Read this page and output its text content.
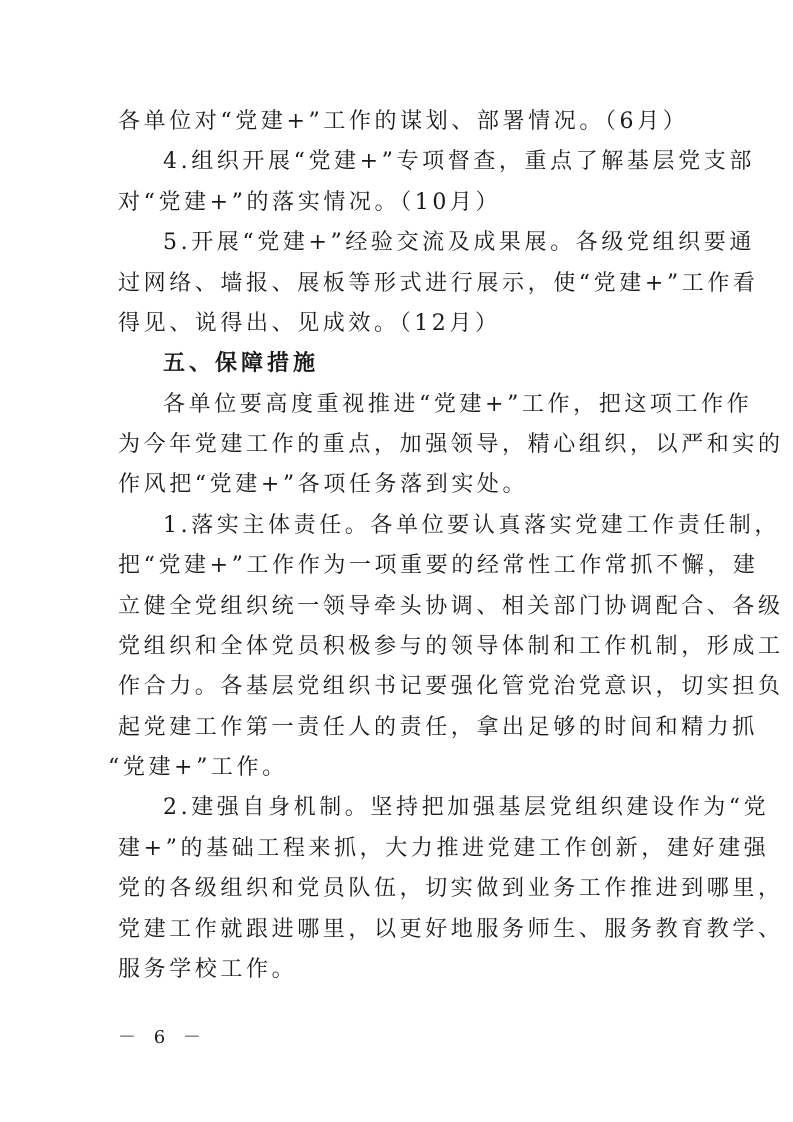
各单位对“党建+”工作的谋划、部署情况。（6月）

4.组织开展“党建+”专项督查，重点了解基层党支部

对“党建+”的落实情况。（10月）

5.开展“党建+”经验交流及成果展。各级党组织要通

过网络、墙报、展板等形式进行展示，使“党建+”工作看

得见、说得出、见成效。（12月）

五、保障措施

各单位要高度重视推进“党建+”工作，把这项工作作

为今年党建工作的重点，加强领导，精心组织，以严和实的

作风把“党建+”各项任务落到实处。

1.落实主体责任。各单位要认真落实党建工作责任制，

把“党建+”工作作为一项重要的经常性工作常抓不懈，建

立健全党组织统一领导牵头协调、相关部门协调配合、各级

党组织和全体党员积极参与的领导体制和工作机制，形成工

作合力。各基层党组织书记要强化管党治党意识，切实担负

起党建工作第一责任人的责任，拿出足够的时间和精力抓

“党建+”工作。

2.建强自身机制。坚持把加强基层党组织建设作为“党

建+”的基础工程来抓，大力推进党建工作创新，建好建强

党的各级组织和党员队伍，切实做到业务工作推进到哪里，

党建工作就跟进哪里，以更好地服务师生、服务教育教学、

服务学校工作。

－ 6 －
